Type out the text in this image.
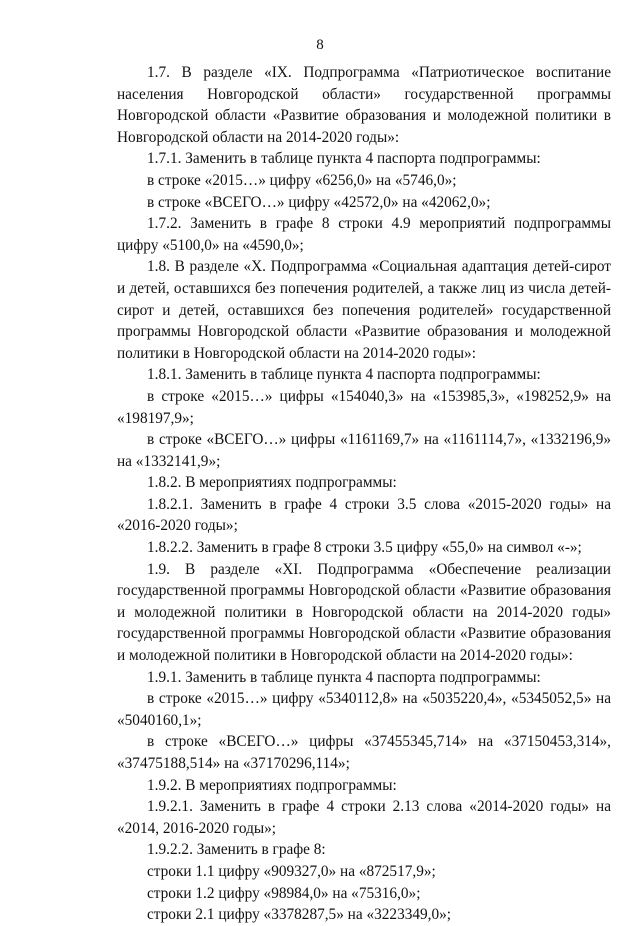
8

1.7. В разделе «IX. Подпрограмма «Патриотическое воспитание населения Новгородской области» государственной программы Новгородской области «Развитие образования и молодежной политики в Новгородской области на 2014-2020 годы»:

1.7.1. Заменить в таблице пункта 4 паспорта подпрограммы:

в строке «2015…» цифру «6256,0» на «5746,0»;

в строке «ВСЕГО…» цифру «42572,0» на «42062,0»;

1.7.2. Заменить в графе 8 строки 4.9 мероприятий подпрограммы цифру «5100,0» на «4590,0»;

1.8. В разделе «X. Подпрограмма «Социальная адаптация детей-сирот и детей, оставшихся без попечения родителей, а также лиц из числа детей-сирот и детей, оставшихся без попечения родителей» государственной программы Новгородской области «Развитие образования и молодежной политики в Новгородской области на 2014-2020 годы»:

1.8.1. Заменить в таблице пункта 4 паспорта подпрограммы:

в строке «2015…» цифры «154040,3» на «153985,3», «198252,9» на «198197,9»;

в строке «ВСЕГО…» цифры «1161169,7» на «1161114,7», «1332196,9» на «1332141,9»;

1.8.2. В мероприятиях подпрограммы:

1.8.2.1. Заменить в графе 4 строки 3.5 слова «2015-2020 годы» на «2016-2020 годы»;

1.8.2.2. Заменить в графе 8 строки 3.5 цифру «55,0» на символ «-»;

1.9. В разделе «XI. Подпрограмма «Обеспечение реализации государственной программы Новгородской области «Развитие образования и молодежной политики в Новгородской области на 2014-2020 годы» государственной программы Новгородской области «Развитие образования и молодежной политики в Новгородской области на 2014-2020 годы»:

1.9.1. Заменить в таблице пункта 4 паспорта подпрограммы:

в строке «2015…» цифру «5340112,8» на «5035220,4», «5345052,5» на «5040160,1»;

в строке «ВСЕГО…» цифры «37455345,714» на «37150453,314», «37475188,514» на «37170296,114»;

1.9.2. В мероприятиях подпрограммы:

1.9.2.1. Заменить в графе 4 строки 2.13 слова «2014-2020 годы» на «2014, 2016-2020 годы»;

1.9.2.2. Заменить в графе 8:

строки 1.1 цифру «909327,0» на «872517,9»;

строки 1.2 цифру «98984,0» на «75316,0»;

строки 2.1 цифру «3378287,5» на «3223349,0»;
